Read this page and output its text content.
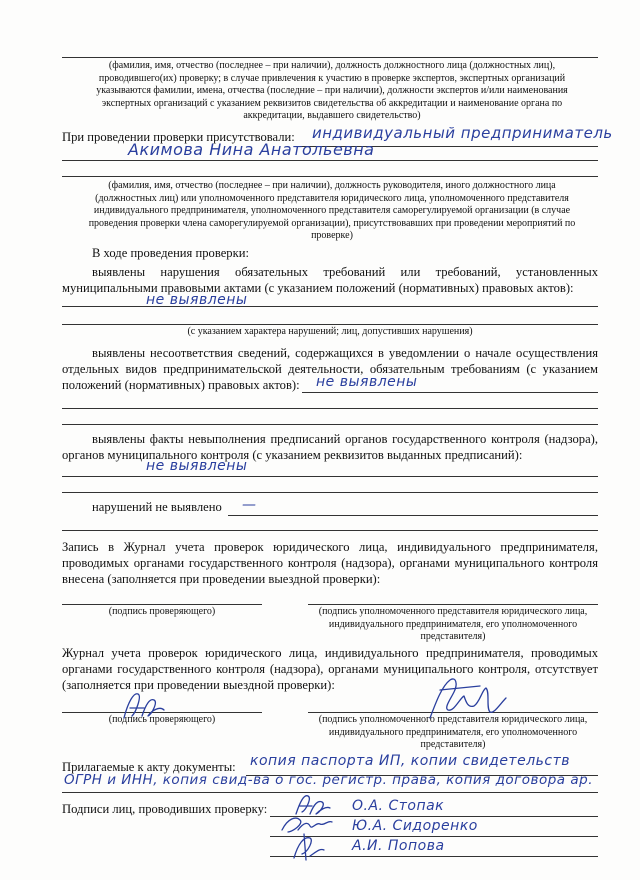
(фамилия, имя, отчество (последнее – при наличии), должность должностного лица (должностных лиц), проводившего(их) проверку; в случае привлечения к участию в проверке экспертов, экспертных организаций указываются фамилии, имена, отчества (последние – при наличии), должности экспертов и/или наименования экспертных организаций с указанием реквизитов свидетельства об аккредитации и наименование органа по аккредитации, выдавшего свидетельство)
При проведении проверки присутствовали: индивидуальный предприниматель
Акимова Нина Анатольевна
(фамилия, имя, отчество (последнее – при наличии), должность руководителя, иного должностного лица (должностных лиц) или уполномоченного представителя юридического лица, уполномоченного представителя индивидуального предпринимателя, уполномоченного представителя саморегулируемой организации (в случае проведения проверки члена саморегулируемой организации), присутствовавших при проведении мероприятий по проверке)
В ходе проведения проверки:
выявлены нарушения обязательных требований или требований, установленных
муниципальными правовыми актами (с указанием положений (нормативных) правовых актов):
не выявлены
(с указанием характера нарушений; лиц, допустивших нарушения)
выявлены несоответствия сведений, содержащихся в уведомлении о начале осуществления
отдельных видов предпринимательской деятельности, обязательным требованиям (с указанием
положений (нормативных) правовых актов): не выявлены
выявлены факты невыполнения предписаний органов государственного контроля (надзора),
органов муниципального контроля (с указанием реквизитов выданных предписаний):
не выявлены
нарушений не выявлено —
Запись в Журнал учета проверок юридического лица, индивидуального предпринимателя,
проводимых органами государственного контроля (надзора), органами муниципального контроля
внесена (заполняется при проведении выездной проверки):
(подпись проверяющего)	(подпись уполномоченного представителя юридического лица, индивидуального предпринимателя, его уполномоченного представителя)
Журнал учета проверок юридического лица, индивидуального предпринимателя, проводимых
органами государственного контроля (надзора), органами муниципального контроля, отсутствует
(заполняется при проведении выездной проверки):
(подпись проверяющего)	(подпись уполномоченного представителя юридического лица, индивидуального предпринимателя, его уполномоченного представителя)
Прилагаемые к акту документы: копия паспорта ИП, копии свидетельств
ОГРН и ИНН, копия свид-ва о гос. регистр. права, копия договора ар.
Подписи лиц, проводивших проверку:	О.А. Стопак
Ю.А. Сидоренко
А.И. Попова
